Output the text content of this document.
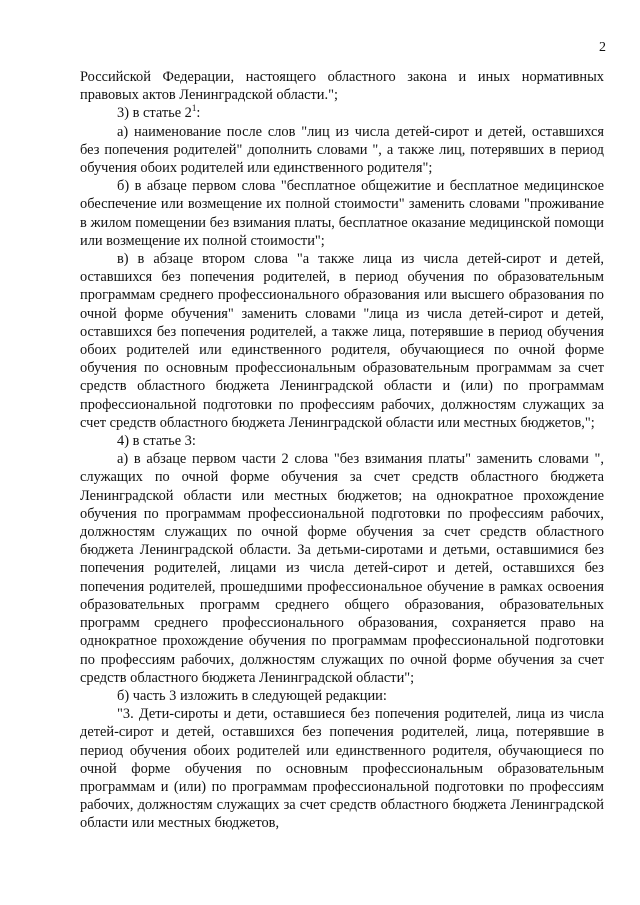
2

Российской Федерации, настоящего областного закона и иных нормативных правовых актов Ленинградской области.";

3) в статье $2^1$:

а) наименование после слов "лиц из числа детей-сирот и детей, оставшихся без попечения родителей" дополнить словами ", а также лиц, потерявших в период обучения обоих родителей или единственного родителя";

б) в абзаце первом слова "бесплатное общежитие и бесплатное медицинское обеспечение или возмещение их полной стоимости" заменить словами "проживание в жилом помещении без взимания платы, бесплатное оказание медицинской помощи или возмещение их полной стоимости";

в) в абзаце втором слова "а также лица из числа детей-сирот и детей, оставшихся без попечения родителей, в период обучения по образовательным программам среднего профессионального образования или высшего образования по очной форме обучения" заменить словами "лица из числа детей-сирот и детей, оставшихся без попечения родителей, а также лица, потерявшие в период обучения обоих родителей или единственного родителя, обучающиеся по очной форме обучения по основным профессиональным образовательным программам за счет средств областного бюджета Ленинградской области и (или) по программам профессиональной подготовки по профессиям рабочих, должностям служащих за счет средств областного бюджета Ленинградской области или местных бюджетов,";

4) в статье 3:

а) в абзаце первом части 2 слова "без взимания платы" заменить словами ", служащих по очной форме обучения за счет средств областного бюджета Ленинградской области или местных бюджетов; на однократное прохождение обучения по программам профессиональной подготовки по профессиям рабочих, должностям служащих по очной форме обучения за счет средств областного бюджета Ленинградской области. За детьми-сиротами и детьми, оставшимися без попечения родителей, лицами из числа детей-сирот и детей, оставшихся без попечения родителей, прошедшими профессиональное обучение в рамках освоения образовательных программ среднего общего образования, образовательных программ среднего профессионального образования, сохраняется право на однократное прохождение обучения по программам профессиональной подготовки по профессиям рабочих, должностям служащих по очной форме обучения за счет средств областного бюджета Ленинградской области";

б) часть 3 изложить в следующей редакции:

"3. Дети-сироты и дети, оставшиеся без попечения родителей, лица из числа детей-сирот и детей, оставшихся без попечения родителей, лица, потерявшие в период обучения обоих родителей или единственного родителя, обучающиеся по очной форме обучения по основным профессиональным образовательным программам и (или) по программам профессиональной подготовки по профессиям рабочих, должностям служащих за счет средств областного бюджета Ленинградской области или местных бюджетов,
